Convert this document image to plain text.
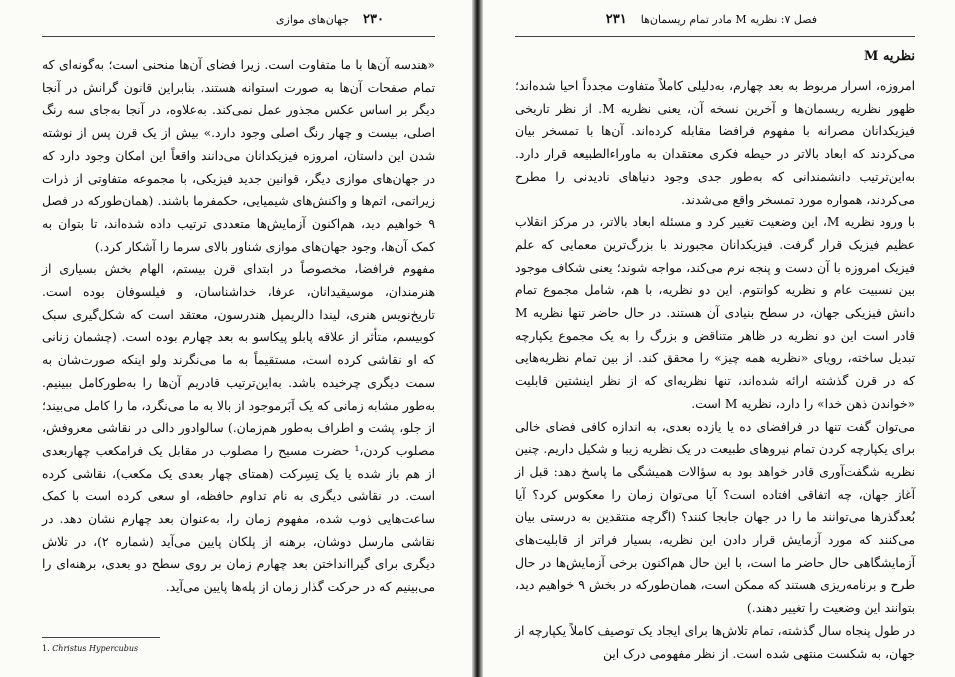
۲۳۰    جهان‌های موازی

«هندسه آن‌ها با ما متفاوت است. زیرا فضای آن‌ها منحنی است؛ به‌گونه‌ای که تمام صفحات آن‌ها به صورت استوانه هستند. بنابراین قانون گرانش در آنجا دیگر بر اساس عکس مجذور عمل نمی‌کند. به‌علاوه، در آنجا به‌جای سه رنگ اصلی، بیست و چهار رنگ اصلی وجود دارد.» بیش از یک قرن پس از نوشته شدن این داستان، امروزه فیزیکدانان می‌دانند واقعاً این امکان وجود دارد که در جهان‌های موازی دیگر، قوانین جدید فیزیکی، با مجموعه متفاوتی از ذرات زیراتمی، اتم‌ها و واکنش‌های شیمیایی، حکمفرما باشند. (همان‌طورکه در فصل ۹ خواهیم دید، هم‌اکنون آزمایش‌ها متعددی ترتیب داده شده‌اند، تا بتوان به کمک آن‌ها، وجود جهان‌های موازی شناور بالای سرما را آشکار کرد.)

مفهوم فرافضا، مخصوصاً در ابتدای قرن بیستم، الهام بخش بسیاری از هنرمندان، موسیقیدانان، عرفا، خداشناسان، و فیلسوفان بوده است. تاریخ‌نویس هنری، لیندا دالریمپل هندرسون، معتقد است که شکل‌گیری سبک کوبیسم، متأثر از علاقه پابلو پیکاسو به بعد چهارم بوده است. (چشمان زنانی که او نقاشی کرده است، مستقیماً به ما می‌نگرند ولو اینکه صورت‌شان به سمت دیگری چرخیده باشد. به‌این‌ترتیب قادریم آن‌ها را به‌طورکامل ببینیم. به‌طور مشابه زمانی که یک اَبَرموجود از بالا به ما می‌نگرد، ما را کامل می‌بیند؛ از جلو، پشت و اطراف به‌طور هم‌زمان.) سالوادور دالی در نقاشی معروفش، مصلوب کردن،¹ حضرت مسیح را مصلوب در مقابل یک فرامکعب چهاربعدی از هم باز شده یا یک تِسِرکت (همتای چهار بعدی یک مکعب)، نقاشی کرده است. در نقاشی دیگری به نام تداوم حافظه، او سعی کرده است با کمک ساعت‌هایی ذوب شده، مفهوم زمان را، به‌عنوان بعد چهارم نشان دهد. در نقاشی مارسل دوشان، برهنه از پلکان پایین می‌آید (شماره ۲)، در تلاش دیگری برای گیراانداختن بعد چهارم زمان بر روی سطح دو بعدی، برهنه‌ای را می‌بینیم که در حرکت گذار زمان از پله‌ها پایین می‌آید.

1. Christus Hypercubus
فصل ۷: نظریه M مادر تمام ریسمان‌ها    ۲۳۱
نظریه M

امروزه، اسرار مربوط به بعد چهارم، به‌دلیلی کاملاً متفاوت مجدداً احیا شده‌اند؛ ظهور نظریه ریسمان‌ها و آخرین نسخه آن، یعنی نظریه M. از نظر تاریخی فیزیکدانان مصرانه با مفهوم فرافضا مقابله کرده‌اند. آن‌ها با تمسخر بیان می‌کردند که ابعاد بالاتر در حیطه فکری معتقدان به ماوراءالطبیعه قرار دارد. به‌این‌ترتیب دانشمندانی که به‌طور جدی وجود دنیاهای نادیدنی را مطرح می‌کردند، همواره مورد تمسخر واقع می‌شدند.

با ورود نظریه M، این وضعیت تغییر کرد و مسئله ابعاد بالاتر، در مرکز انقلاب عظیم فیزیک قرار گرفت. فیزیکدانان مجبورند با بزرگ‌ترین معمایی که علم فیزیک امروزه با آن دست و پنجه نرم می‌کند، مواجه شوند؛ یعنی شکاف موجود بین نسبیت عام و نظریه کوانتوم. این دو نظریه، با هم، شامل مجموع تمام دانش فیزیکی جهان، در سطح بنیادی آن هستند. در حال حاضر تنها نظریه M قادر است این دو نظریه در ظاهر متناقض و بزرگ را به یک مجموع یکپارچه تبدیل ساخته، رویای «نظریه همه چیز» را محقق کند. از بین تمام نظریه‌هایی که در قرن گذشته ارائه شده‌اند، تنها نظریه‌ای که از نظر اینشتین قابلیت «خواندن ذهن خدا» را دارد، نظریه M است.

می‌توان گفت تنها در فرافضای ده یا یازده بعدی، به اندازه کافی فضای خالی برای یکپارچه کردن تمام نیروهای طبیعت در یک نظریه زیبا و شکیل داریم. چنین نظریه شگفت‌آوری قادر خواهد بود به سؤالات همیشگی ما پاسخ دهد: قبل از آغاز جهان، چه اتفاقی افتاده است؟ آیا می‌توان زمان را معکوس کرد؟ آیا بُعدگذرها می‌توانند ما را در جهان جابجا کنند؟ (اگرچه منتقدین به درستی بیان می‌کنند که مورد آزمایش قرار دادن این نظریه، بسیار فراتر از قابلیت‌های آزمایشگاهی حال حاضر ما است، با این حال هم‌اکنون برخی آزمایش‌ها در حال طرح و برنامه‌ریزی هستند که ممکن است، همان‌طورکه در بخش ۹ خواهیم دید، بتوانند این وضعیت را تغییر دهند.)

در طول پنجاه سال گذشته، تمام تلاش‌ها برای ایجاد یک توصیف کاملاً یکپارچه از جهان، به شکست منتهی شده است. از نظر مفهومی درک این
